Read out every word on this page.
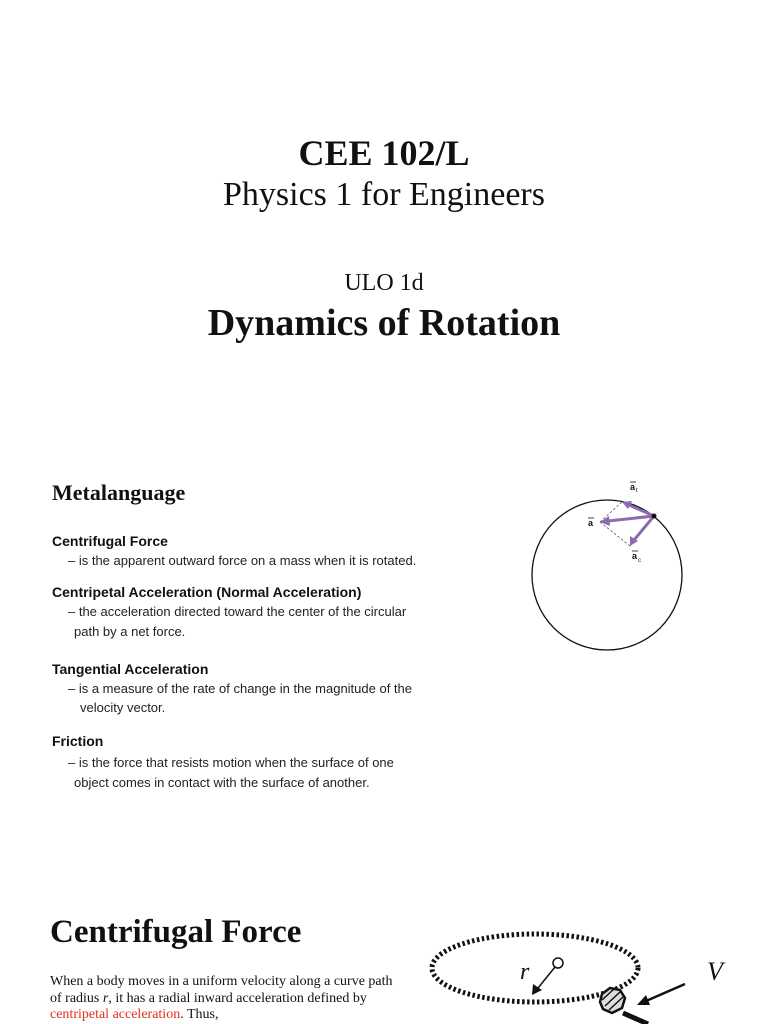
CEE 102/L
Physics 1 for Engineers
ULO 1d
Dynamics of Rotation
Metalanguage
Centrifugal Force
– is the apparent outward force on a mass when it is rotated.
Centripetal Acceleration (Normal Acceleration)
– the acceleration directed toward the center of the circular
path by a net force.
Tangential Acceleration
– is a measure of the rate of change in the magnitude of the
velocity vector.
Friction
– is the force that resists motion when the surface of one
object comes in contact with the surface of another.
a
a t
a c
Centrifugal Force
When a body moves in a uniform velocity along a curve path of radius r, it has a radial inward acceleration defined by centripetal acceleration. Thus,
r	V
